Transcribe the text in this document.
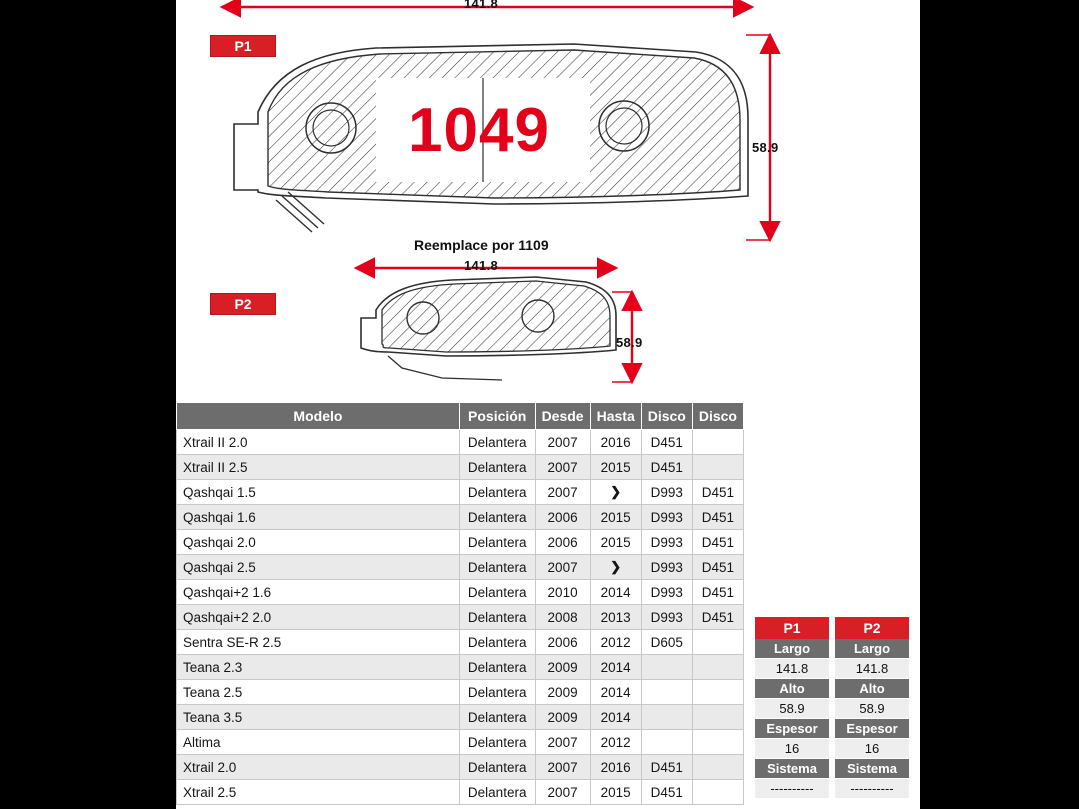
P1
P2
141.8
58.9
141.8
58.9
1049
Reemplace por 1109
Modelo	Posición	Desde	Hasta	Disco	Disco
Xtrail II 2.0	Delantera	2007	2016	D451	
Xtrail II 2.5	Delantera	2007	2015	D451	
Qashqai 1.5	Delantera	2007	❯	D993	D451
Qashqai 1.6	Delantera	2006	2015	D993	D451
Qashqai 2.0	Delantera	2006	2015	D993	D451
Qashqai 2.5	Delantera	2007	❯	D993	D451
Qashqai+2 1.6	Delantera	2010	2014	D993	D451
Qashqai+2 2.0	Delantera	2008	2013	D993	D451
Sentra SE-R 2.5	Delantera	2006	2012	D605	
Teana 2.3	Delantera	2009	2014		
Teana 2.5	Delantera	2009	2014		
Teana 3.5	Delantera	2009	2014		
Altima	Delantera	2007	2012		
Xtrail 2.0	Delantera	2007	2016	D451	
Xtrail 2.5	Delantera	2007	2015	D451	
P1
Largo
141.8
Alto
58.9
Espesor
16
Sistema
----------
P2
Largo
141.8
Alto
58.9
Espesor
16
Sistema
----------
